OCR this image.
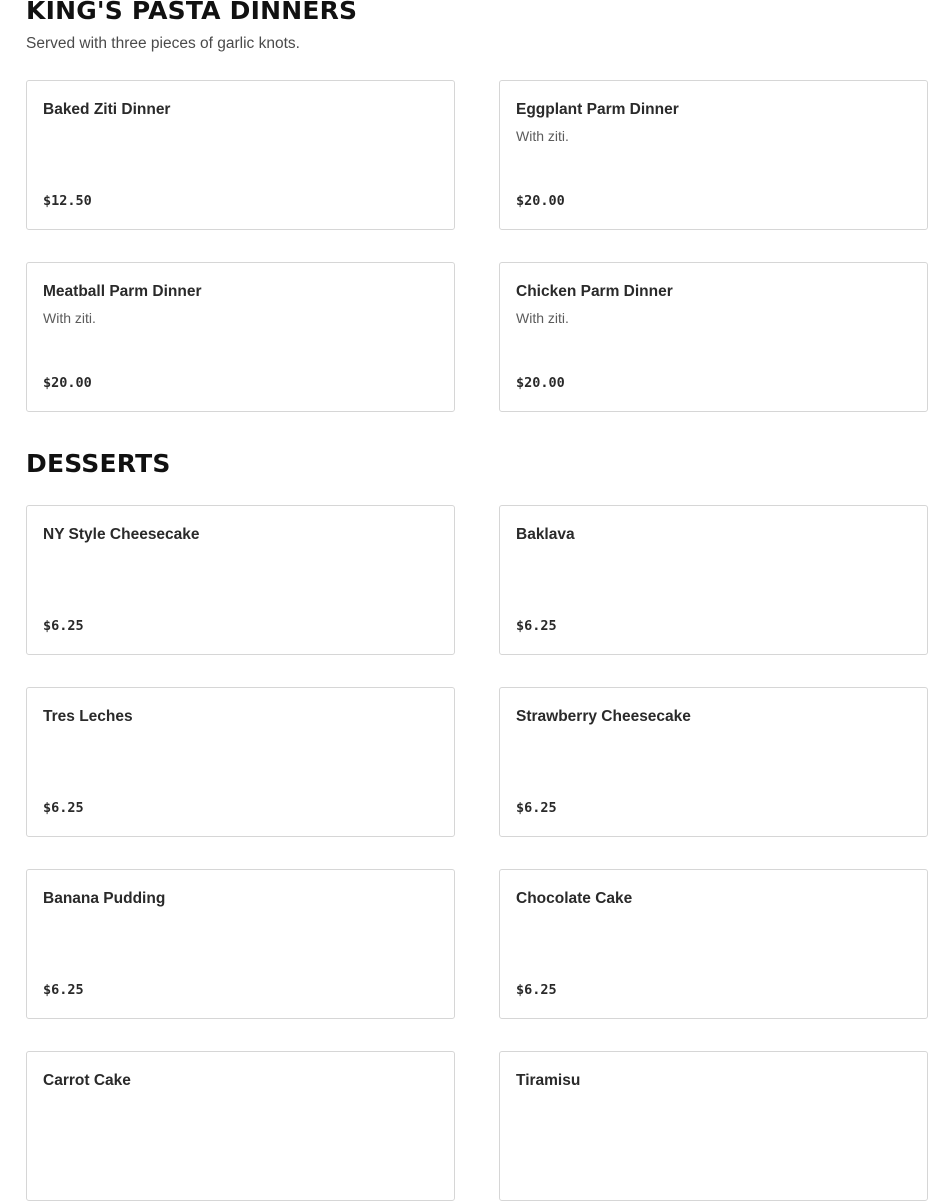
KING'S PASTA DINNERS

Served with three pieces of garlic knots.

Baked Ziti Dinner
$12.50
Eggplant Parm Dinner
With ziti.
$20.00
Meatball Parm Dinner
With ziti.
$20.00
Chicken Parm Dinner
With ziti.
$20.00
DESSERTS
NY Style Cheesecake
$6.25
Baklava
$6.25
Tres Leches
$6.25
Strawberry Cheesecake
$6.25
Banana Pudding
$6.25
Chocolate Cake
$6.25
Carrot Cake	Tiramisu
